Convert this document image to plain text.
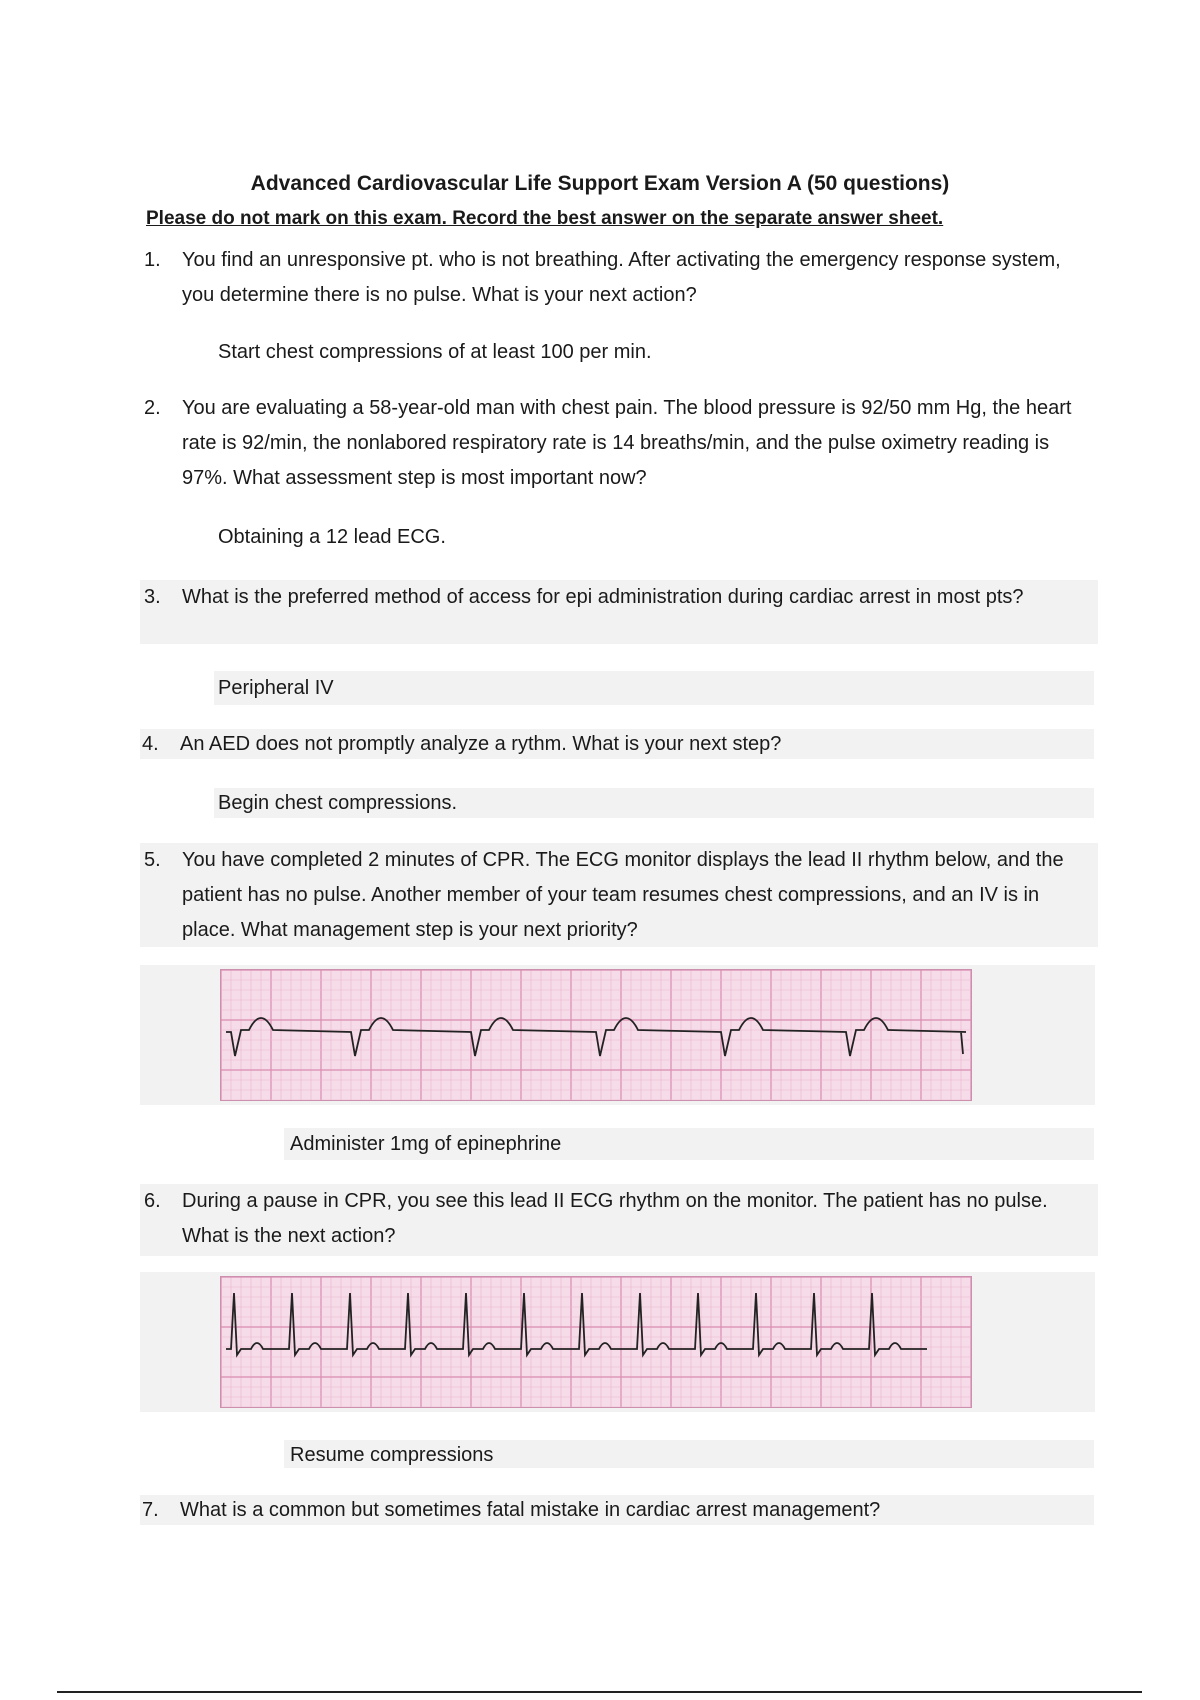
Advanced Cardiovascular Life Support Exam Version A (50 questions)
Please do not mark on this exam. Record the best answer on the separate answer sheet.
1. You find an unresponsive pt. who is not breathing. After activating the emergency response system, you determine there is no pulse. What is your next action?
Start chest compressions of at least 100 per min.
2. You are evaluating a 58-year-old man with chest pain. The blood pressure is 92/50 mm Hg, the heart rate is 92/min, the nonlabored respiratory rate is 14 breaths/min, and the pulse oximetry reading is 97%. What assessment step is most important now?
Obtaining a 12 lead ECG.
3. What is the preferred method of access for epi administration during cardiac arrest in most pts?
Peripheral IV
4. An AED does not promptly analyze a rythm. What is your next step?
Begin chest compressions.
5. You have completed 2 minutes of CPR. The ECG monitor displays the lead II rhythm below, and the patient has no pulse. Another member of your team resumes chest compressions, and an IV is in place. What management step is your next priority?
Administer 1mg of epinephrine
6. During a pause in CPR, you see this lead II ECG rhythm on the monitor. The patient has no pulse. What is the next action?
Resume compressions
7. What is a common but sometimes fatal mistake in cardiac arrest management?
